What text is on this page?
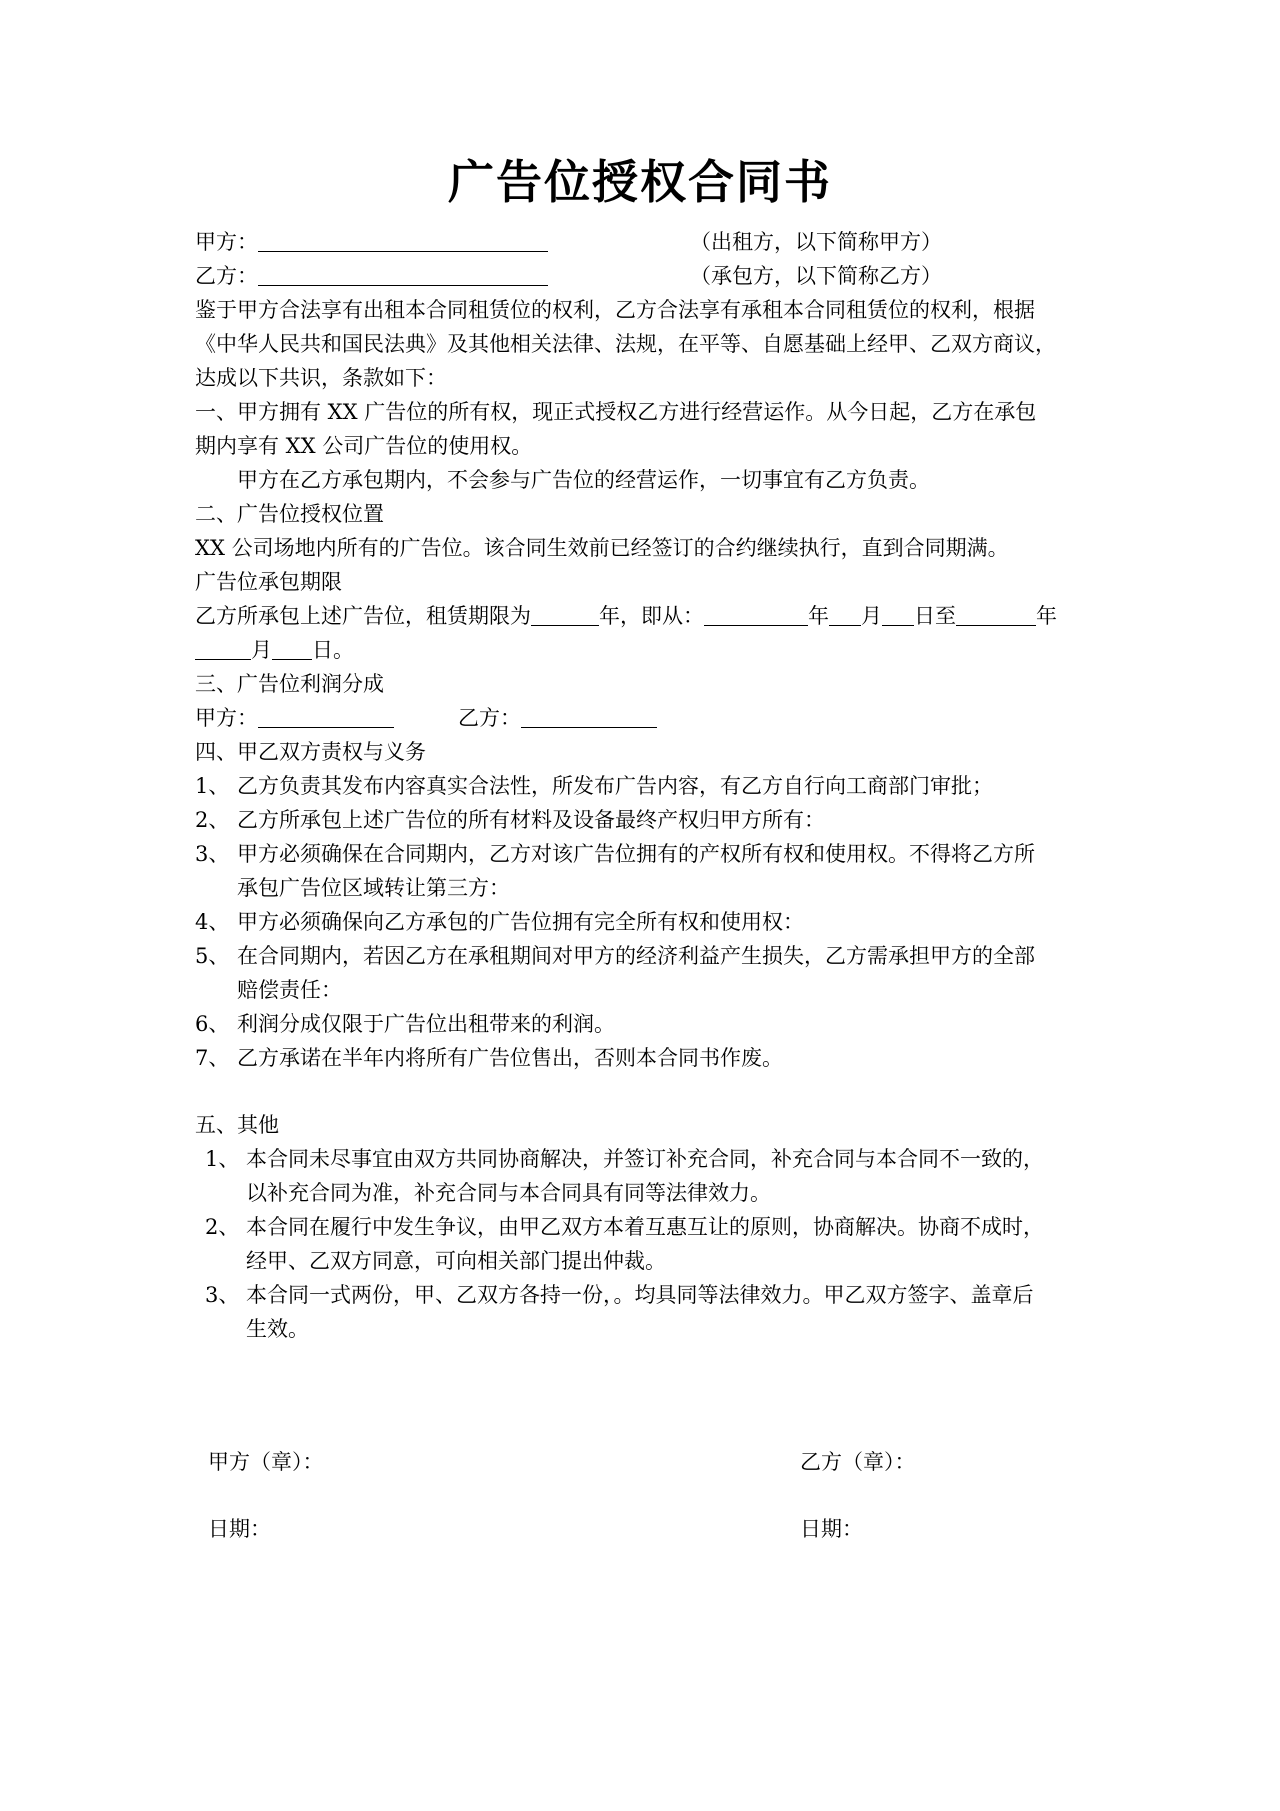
广告位授权合同书
甲方：	（出租方，以下简称甲方）
乙方：	（承包方，以下简称乙方）
鉴于甲方合法享有出租本合同租赁位的权利，乙方合法享有承租本合同租赁位的权利，根据
《中华人民共和国民法典》及其他相关法律、法规，在平等、自愿基础上经甲、乙双方商议，
达成以下共识，条款如下：
一、甲方拥有 XX 广告位的所有权，现正式授权乙方进行经营运作。从今日起，乙方在承包
期内享有 XX 公司广告位的使用权。
甲方在乙方承包期内，不会参与广告位的经营运作，一切事宜有乙方负责。
二、广告位授权位置
XX 公司场地内所有的广告位。该合同生效前已经签订的合约继续执行，直到合同期满。
广告位承包期限
乙方所承包上述广告位，租赁期限为	年，即从：	年 月 日至	年
月 日。
三、广告位利润分成
甲方：	乙方：
四、甲乙双方责权与义务
1、 乙方负责其发布内容真实合法性，所发布广告内容，有乙方自行向工商部门审批；
2、 乙方所承包上述广告位的所有材料及设备最终产权归甲方所有：
3、 甲方必须确保在合同期内，乙方对该广告位拥有的产权所有权和使用权。不得将乙方所
承包广告位区域转让第三方：
4、 甲方必须确保向乙方承包的广告位拥有完全所有权和使用权：
5、 在合同期内，若因乙方在承租期间对甲方的经济利益产生损失，乙方需承担甲方的全部
赔偿责任：
6、 利润分成仅限于广告位出租带来的利润。
7、 乙方承诺在半年内将所有广告位售出，否则本合同书作废。
五、其他
1、 本合同未尽事宜由双方共同协商解决，并签订补充合同，补充合同与本合同不一致的，
以补充合同为准，补充合同与本合同具有同等法律效力。
2、 本合同在履行中发生争议，由甲乙双方本着互惠互让的原则，协商解决。协商不成时，
经甲、乙双方同意，可向相关部门提出仲裁。
3、 本合同一式两份，甲、乙双方各持一份，。均具同等法律效力。甲乙双方签字、盖章后
生效。
甲方（章）：	乙方（章）：
日期：	日期：
